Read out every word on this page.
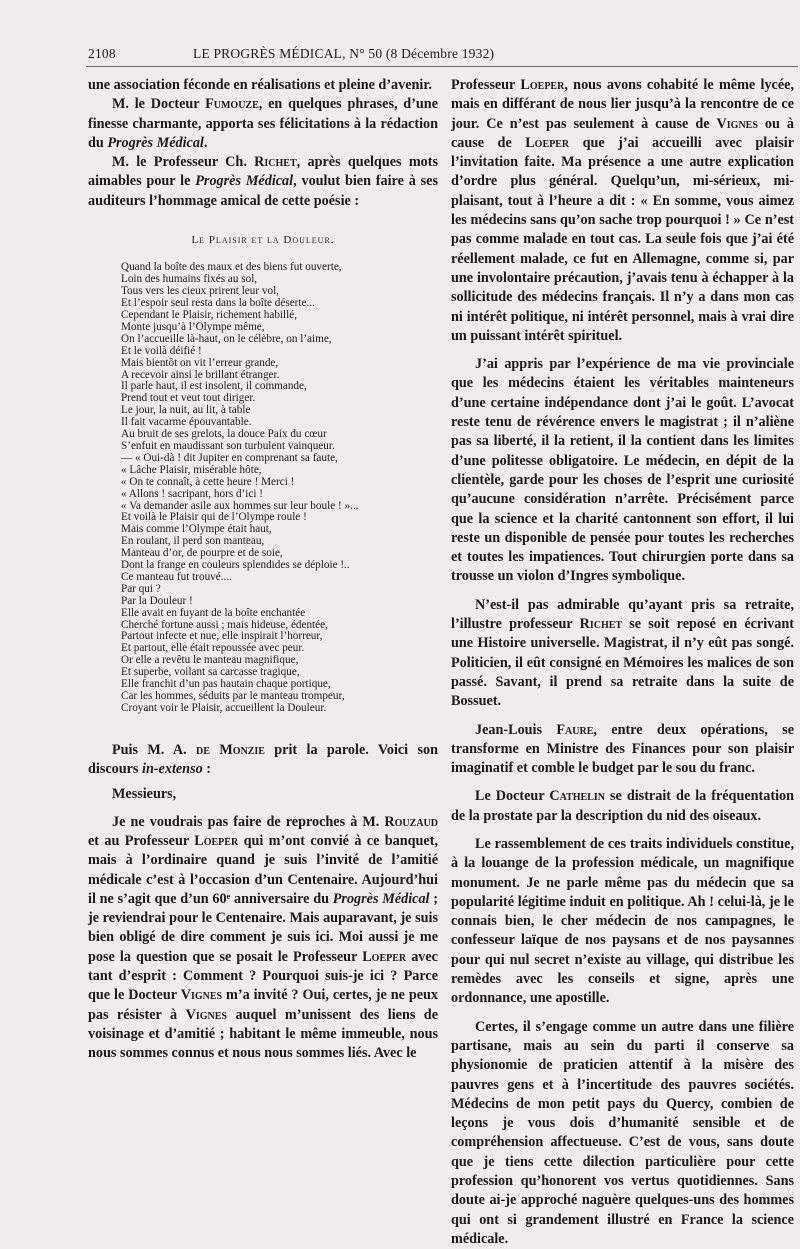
2108	LE PROGRÈS MÉDICAL, N° 50 (8 Décembre 1932)

une association féconde en réalisations et pleine d’avenir.

M. le Docteur Fumouze, en quelques phrases, d’une finesse charmante, apporta ses félicitations à la rédaction du Progrès Médical.

M. le Professeur Ch. Richet, après quelques mots aimables pour le Progrès Médical, voulut bien faire à ses auditeurs l’hommage amical de cette poésie :

Le Plaisir et la Douleur.

Quand la boîte des maux et des biens fut ouverte,
Loin des humains fixés au sol,
Tous vers les cieux prirent leur vol,
Et l’espoir seul resta dans la boîte déserte...
Cependant le Plaisir, richement habillé,
Monte jusqu’à l’Olympe même,
On l’accueille là-haut, on le célèbre, on l’aime,
Et le voilà déifié !
Mais bientôt on vit l’erreur grande,
A recevoir ainsi le brillant étranger.
Il parle haut, il est insolent, il commande,
Prend tout et veut tout diriger.
Le jour, la nuit, au lit, à table
Il fait vacarme épouvantable.
Au bruit de ses grelots, la douce Paix du cœur
S’enfuit en maudissant son turbulent vainqueur.
— « Oui-dà ! dit Jupiter en comprenant sa faute,
« Lâche Plaisir, misérable hôte,
« On te connaît, à cette heure ! Merci !
« Allons ! sacripant, hors d’ici !
« Va demander asile aux hommes sur leur boule ! »...
Et voilà le Plaisir qui de l’Olympe roule !
Mais comme l’Olympe était haut,
En roulant, il perd son manteau,
Manteau d’or, de pourpre et de soie,
Dont la frange en couleurs splendides se déploie !..
Ce manteau fut trouvé....
Par qui ?
Par la Douleur !
Elle avait en fuyant de la boîte enchantée
Cherché fortune aussi ; mais hideuse, édentée,
Partout infecte et nue, elle inspirait l’horreur,
Et partout, elle était repoussée avec peur.
Or elle a revêtu le manteau magnifique,
Et superbe, voilant sa carcasse tragique,
Elle franchit d’un pas hautain chaque portique,
Car les hommes, séduits par le manteau trompeur,
Croyant voir le Plaisir, accueillent la Douleur.

Puis M. A. de Monzie prit la parole. Voici son discours in-extenso :

Messieurs,

Je ne voudrais pas faire de reproches à M. Rouzaud et au Professeur Loeper qui m’ont convié à ce banquet, mais à l’ordinaire quand je suis l’invité de l’amitié médicale c’est à l’occasion d’un Centenaire. Aujourd’hui il ne s’agit que d’un 60ᵉ anniversaire du Progrès Médical ; je reviendrai pour le Centenaire. Mais auparavant, je suis bien obligé de dire comment je suis ici. Moi aussi je me pose la question que se posait le Professeur Loeper avec tant d’esprit : Comment ? Pourquoi suis-je ici ? Parce que le Docteur Vignes m’a invité ? Oui, certes, je ne peux pas résister à Vignes auquel m’unissent des liens de voisinage et d’amitié ; habitant le même immeuble, nous nous sommes connus et nous nous sommes liés. Avec le

Professeur Loeper, nous avons cohabité le même lycée, mais en différant de nous lier jusqu’à la rencontre de ce jour. Ce n’est pas seulement à cause de Vignes ou à cause de Loeper que j’ai accueilli avec plaisir l’invitation faite. Ma présence a une autre explication d’ordre plus général. Quelqu’un, mi-sérieux, mi-plaisant, tout à l’heure a dit : « En somme, vous aimez les médecins sans qu’on sache trop pourquoi ! » Ce n’est pas comme malade en tout cas. La seule fois que j’ai été réellement malade, ce fut en Allemagne, comme si, par une involontaire précaution, j’avais tenu à échapper à la sollicitude des médecins français. Il n’y a dans mon cas ni intérêt politique, ni intérêt personnel, mais à vrai dire un puissant intérêt spirituel.

J’ai appris par l’expérience de ma vie provinciale que les médecins étaient les véritables mainteneurs d’une certaine indépendance dont j’ai le goût. L’avocat reste tenu de révérence envers le magistrat ; il n’aliène pas sa liberté, il la retient, il la contient dans les limites d’une politesse obligatoire. Le médecin, en dépit de la clientèle, garde pour les choses de l’esprit une curiosité qu’aucune considération n’arrête. Précisément parce que la science et la charité cantonnent son effort, il lui reste un disponible de pensée pour toutes les recherches et toutes les impatiences. Tout chirurgien porte dans sa trousse un violon d’Ingres symbolique.

N’est-il pas admirable qu’ayant pris sa retraite, l’illustre professeur Richet se soit reposé en écrivant une Histoire universelle. Magistrat, il n’y eût pas songé. Politicien, il eût consigné en Mémoires les malices de son passé. Savant, il prend sa retraite dans la suite de Bossuet.

Jean-Louis Faure, entre deux opérations, se transforme en Ministre des Finances pour son plaisir imaginatif et comble le budget par le sou du franc.

Le Docteur Cathelin se distrait de la fréquentation de la prostate par la description du nid des oiseaux.

Le rassemblement de ces traits individuels constitue, à la louange de la profession médicale, un magnifique monument. Je ne parle même pas du médecin que sa popularité légitime induit en politique. Ah ! celui-là, je le connais bien, le cher médecin de nos campagnes, le confesseur laïque de nos paysans et de nos paysannes pour qui nul secret n’existe au village, qui distribue les remèdes avec les conseils et signe, après une ordonnance, une apostille.

Certes, il s’engage comme un autre dans une filière partisane, mais au sein du parti il conserve sa physionomie de praticien attentif à la misère des pauvres gens et à l’incertitude des pauvres sociétés. Médecins de mon petit pays du Quercy, combien de leçons je vous dois d’humanité sensible et de compréhension affectueuse. C’est de vous, sans doute que je tiens cette dilection particulière pour cette profession qu’honorent vos vertus quotidiennes. Sans doute ai-je approché naguère quelques-uns des hommes qui ont si grandement illustré en France la science médicale.
